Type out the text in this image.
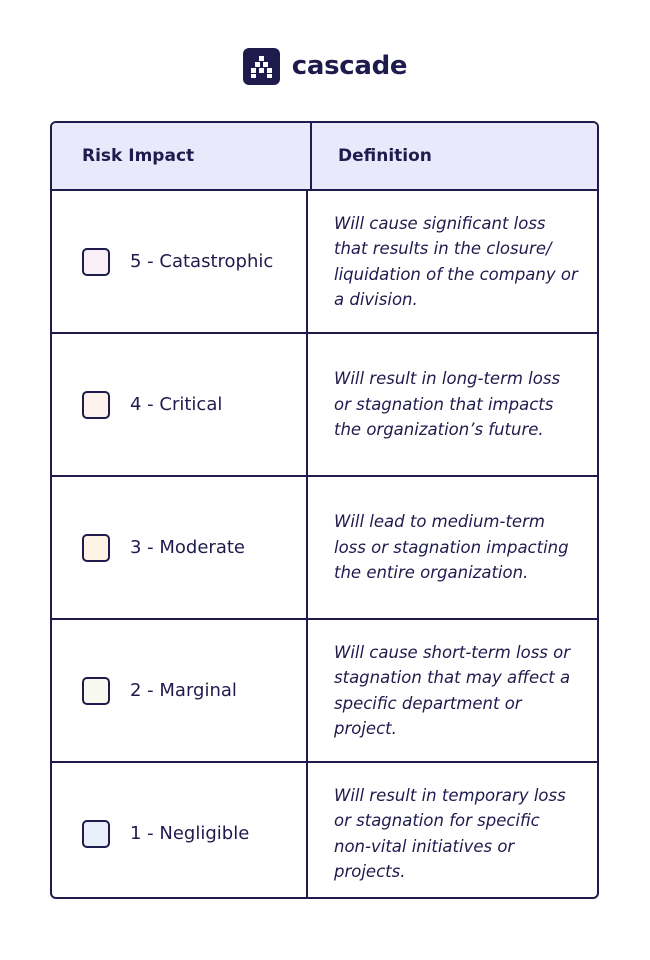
cascade
Risk Impact	Definition
5 - Catastrophic
Will cause significant loss that results in the closure/ liquidation of the company or a division.
4 - Critical
Will result in long-term loss or stagnation that impacts the organization’s future.
3 - Moderate
Will lead to medium-term loss or stagnation impacting the entire organization.
2 - Marginal
Will cause short-term loss or stagnation that may affect a specific department or project.
1 - Negligible
Will result in temporary loss or stagnation for specific non-vital initiatives or projects.
